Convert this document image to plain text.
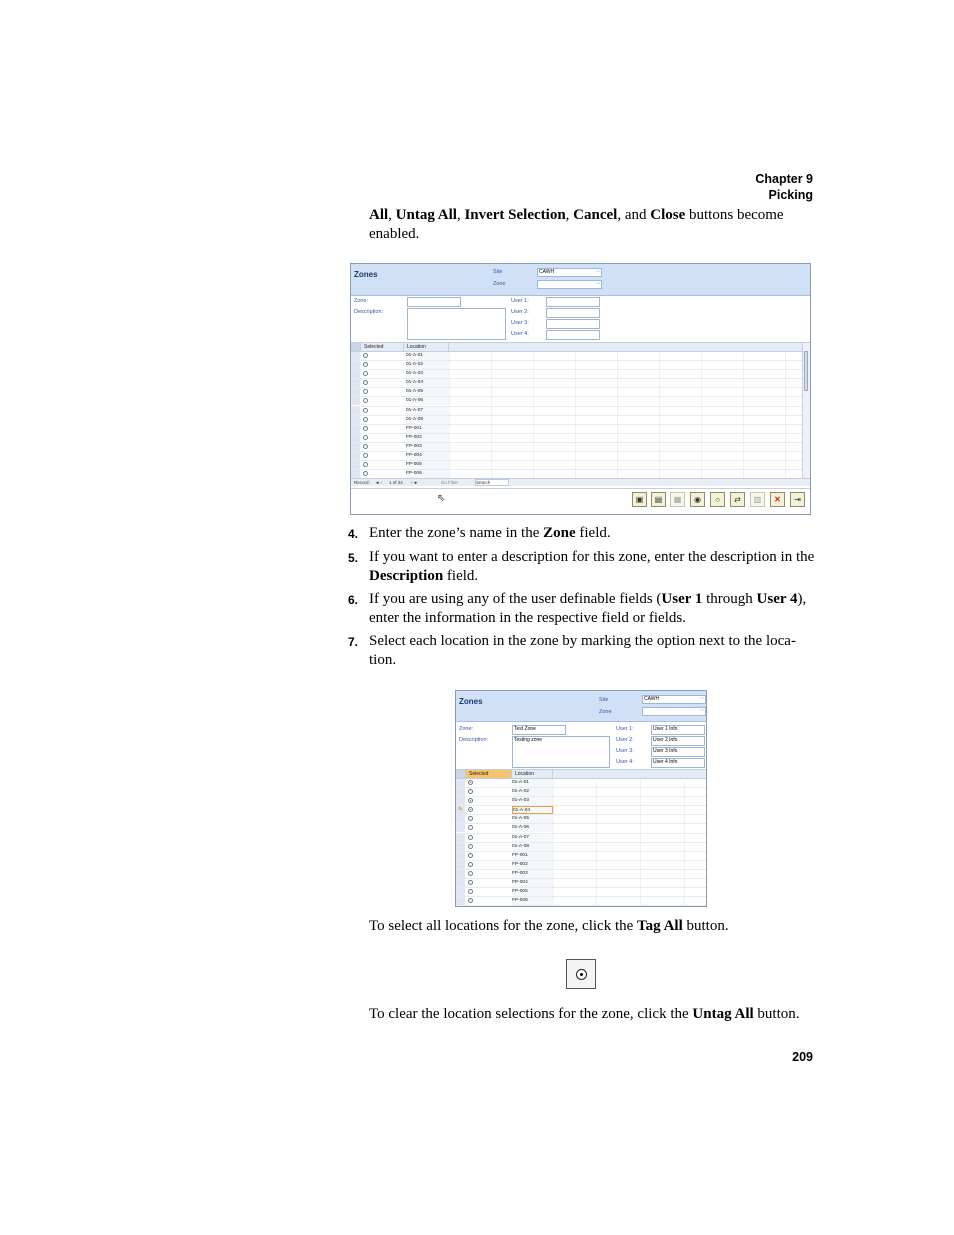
Chapter 9
Picking
All, Untag All, Invert Selection, Cancel, and Close buttons become enabled.
Zones	Site	CAWH ⌵
Zone
⌵
Zone:
Description:
User 1:
User 2:
User 3:
User 4:
Selected	Location
01-A-01
01-A-02
01-A-03
01-A-04
01-A-05
01-A-06
01-A-07
01-A-08
FP-001
FP-002
FP-003
FP-004
FP-005
FP-006
Record: ◄ ‹ 1 of 24 › ►	No Filter	Search
⇖	▣	▤	▦	◉	○	⇄	▥	✕	⇥
4. Enter the zone’s name in the Zone field.
5. If you want to enter a description for this zone, enter the description in the Description field.
6. If you are using any of the user definable fields (User 1 through User 4), enter the information in the respective field or fields.
7. Select each location in the zone by marking the option next to the loca-tion.
Zones	Site	CAWH ⌵
Zone
⌵
Zone:	Test Zone
Description:	Testing zone
User 1:	User 1 Info
User 2:	User 2 Info
User 3:	User 3 Info
User 4:	User 4 Info
Selected	Location
01-A-01
01-A-02
01-A-03
✎	01-A-04
01-A-05
01-A-06
01-A-07
01-A-08
FP-001
FP-002
FP-003
FP-004
FP-005
FP-006
To select all locations for the zone, click the Tag All button.
To clear the location selections for the zone, click the Untag All button.
209
